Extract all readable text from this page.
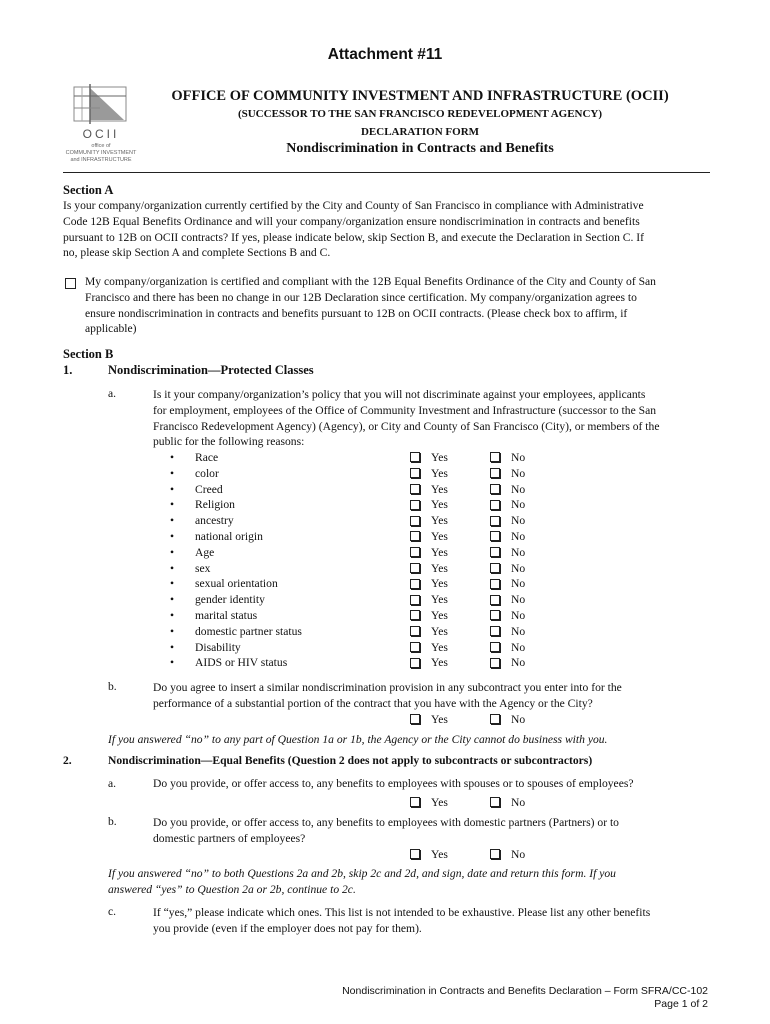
Attachment #11
OCII
office of
COMMUNITY INVESTMENT
and INFRASTRUCTURE
OFFICE OF COMMUNITY INVESTMENT AND INFRASTRUCTURE (OCII)
(SUCCESSOR TO THE SAN FRANCISCO REDEVELOPMENT AGENCY)
DECLARATION FORM
Nondiscrimination in Contracts and Benefits
Section A
Is your company/organization currently certified by the City and County of San Francisco in compliance with Administrative
Code 12B Equal Benefits Ordinance and will your company/organization ensure nondiscrimination in contracts and benefits
pursuant to 12B on OCII contracts? If yes, please indicate below, skip Section B, and execute the Declaration in Section C. If
no, please skip Section A and complete Sections B and C.
My company/organization is certified and compliant with the 12B Equal Benefits Ordinance of the City and County of San
Francisco and there has been no change in our 12B Declaration since certification. My company/organization agrees to
ensure nondiscrimination in contracts and benefits pursuant to 12B on OCII contracts. (Please check box to affirm, if
applicable)
Section B
1.	Nondiscrimination—Protected Classes
a.	Is it your company/organization’s policy that you will not discriminate against your employees, applicants
for employment, employees of the Office of Community Investment and Infrastructure (successor to the San
Francisco Redevelopment Agency) (Agency), or City and County of San Francisco (City), or members of the
public for the following reasons:
• Race	Yes	No
• color	Yes	No
• Creed	Yes	No
• Religion	Yes	No
• ancestry	Yes	No
• national origin	Yes	No
• Age	Yes	No
• sex	Yes	No
• sexual orientation	Yes	No
• gender identity	Yes	No
• marital status	Yes	No
• domestic partner status	Yes	No
• Disability	Yes	No
• AIDS or HIV status	Yes	No
b.	Do you agree to insert a similar nondiscrimination provision in any subcontract you enter into for the
performance of a substantial portion of the contract that you have with the Agency or the City?
Yes	No
If you answered “no” to any part of Question 1a or 1b, the Agency or the City cannot do business with you.
2.	Nondiscrimination—Equal Benefits (Question 2 does not apply to subcontracts or subcontractors)
a.	Do you provide, or offer access to, any benefits to employees with spouses or to spouses of employees?
Yes	No
b.	Do you provide, or offer access to, any benefits to employees with domestic partners (Partners) or to
domestic partners of employees?
Yes	No
If you answered “no” to both Questions 2a and 2b, skip 2c and 2d, and sign, date and return this form. If you
answered “yes” to Question 2a or 2b, continue to 2c.
c.	If “yes,” please indicate which ones. This list is not intended to be exhaustive. Please list any other benefits
you provide (even if the employer does not pay for them).
Nondiscrimination in Contracts and Benefits Declaration – Form SFRA/CC-102
Page 1 of 2
